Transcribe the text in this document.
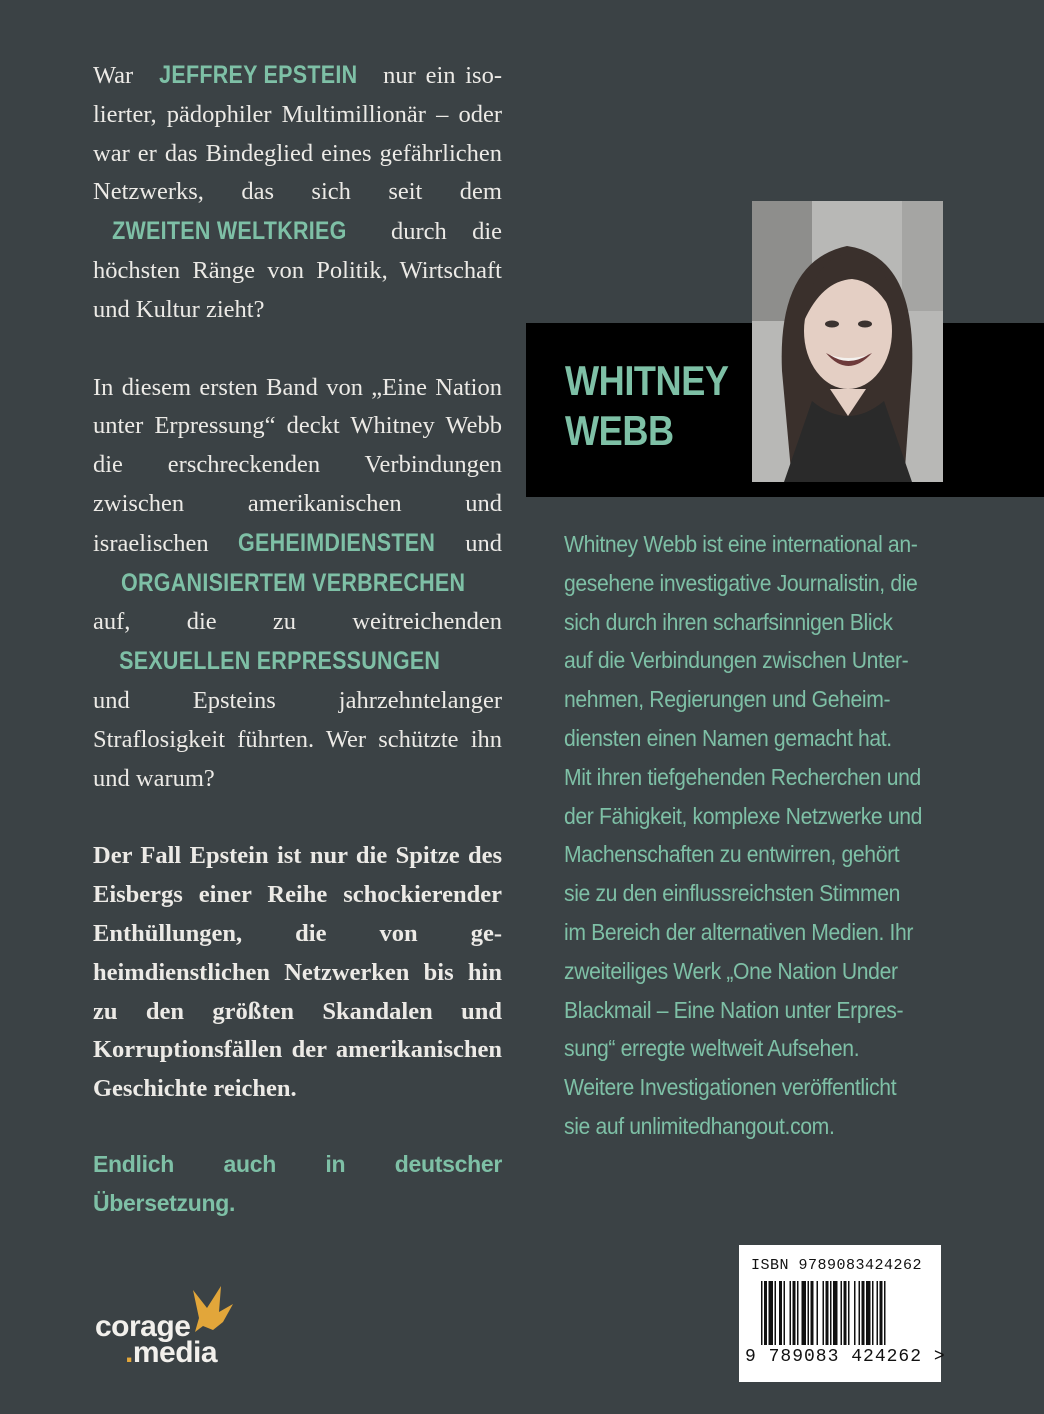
War JEFFREY EPSTEIN nur ein isolierter, pädophiler Multimillionär – oder war er das Bindeglied eines gefährlichen Netzwerks, das sich seit dem ZWEITEN WELTKRIEG durch die höchsten Ränge von Politik, Wirtschaft und Kultur zieht?

In diesem ersten Band von „Eine Nation unter Erpressung“ deckt Whitney Webb die erschreckenden Verbindungen zwischen amerikanischen und israelischen GEHEIMDIENSTEN und ORGANISIERTEM VERBRECHEN auf, die zu weitreichenden SEXUELLEN ERPRESSUNGEN und Epsteins jahrzehntelanger Straflosigkeit führten. Wer schützte ihn und warum?

Der Fall Epstein ist nur die Spitze des Eisbergs einer Reihe schockierender Enthüllungen, die von geheimdienstlichen Netzwerken bis hin zu den größten Skandalen und Korruptionsfällen der amerikanischen Geschichte reichen.

Endlich auch in deutscher Übersetzung.

WHITNEY
WEBB
Whitney Webb ist eine international an-
gesehene investigative Journalistin, die
sich durch ihren scharfsinnigen Blick
auf die Verbindungen zwischen Unter-
nehmen, Regierungen und Geheim-
diensten einen Namen gemacht hat.
Mit ihren tiefgehenden Recherchen und
der Fähigkeit, komplexe Netzwerke und
Machenschaften zu entwirren, gehört
sie zu den einflussreichsten Stimmen
im Bereich der alternativen Medien. Ihr
zweiteiliges Werk „One Nation Under
Blackmail – Eine Nation unter Erpres-
sung“ erregte weltweit Aufsehen.
Weitere Investigationen veröffentlicht
sie auf unlimitedhangout.com.
ISBN 9789083424262
9 789083 424262 >
corage
.media
